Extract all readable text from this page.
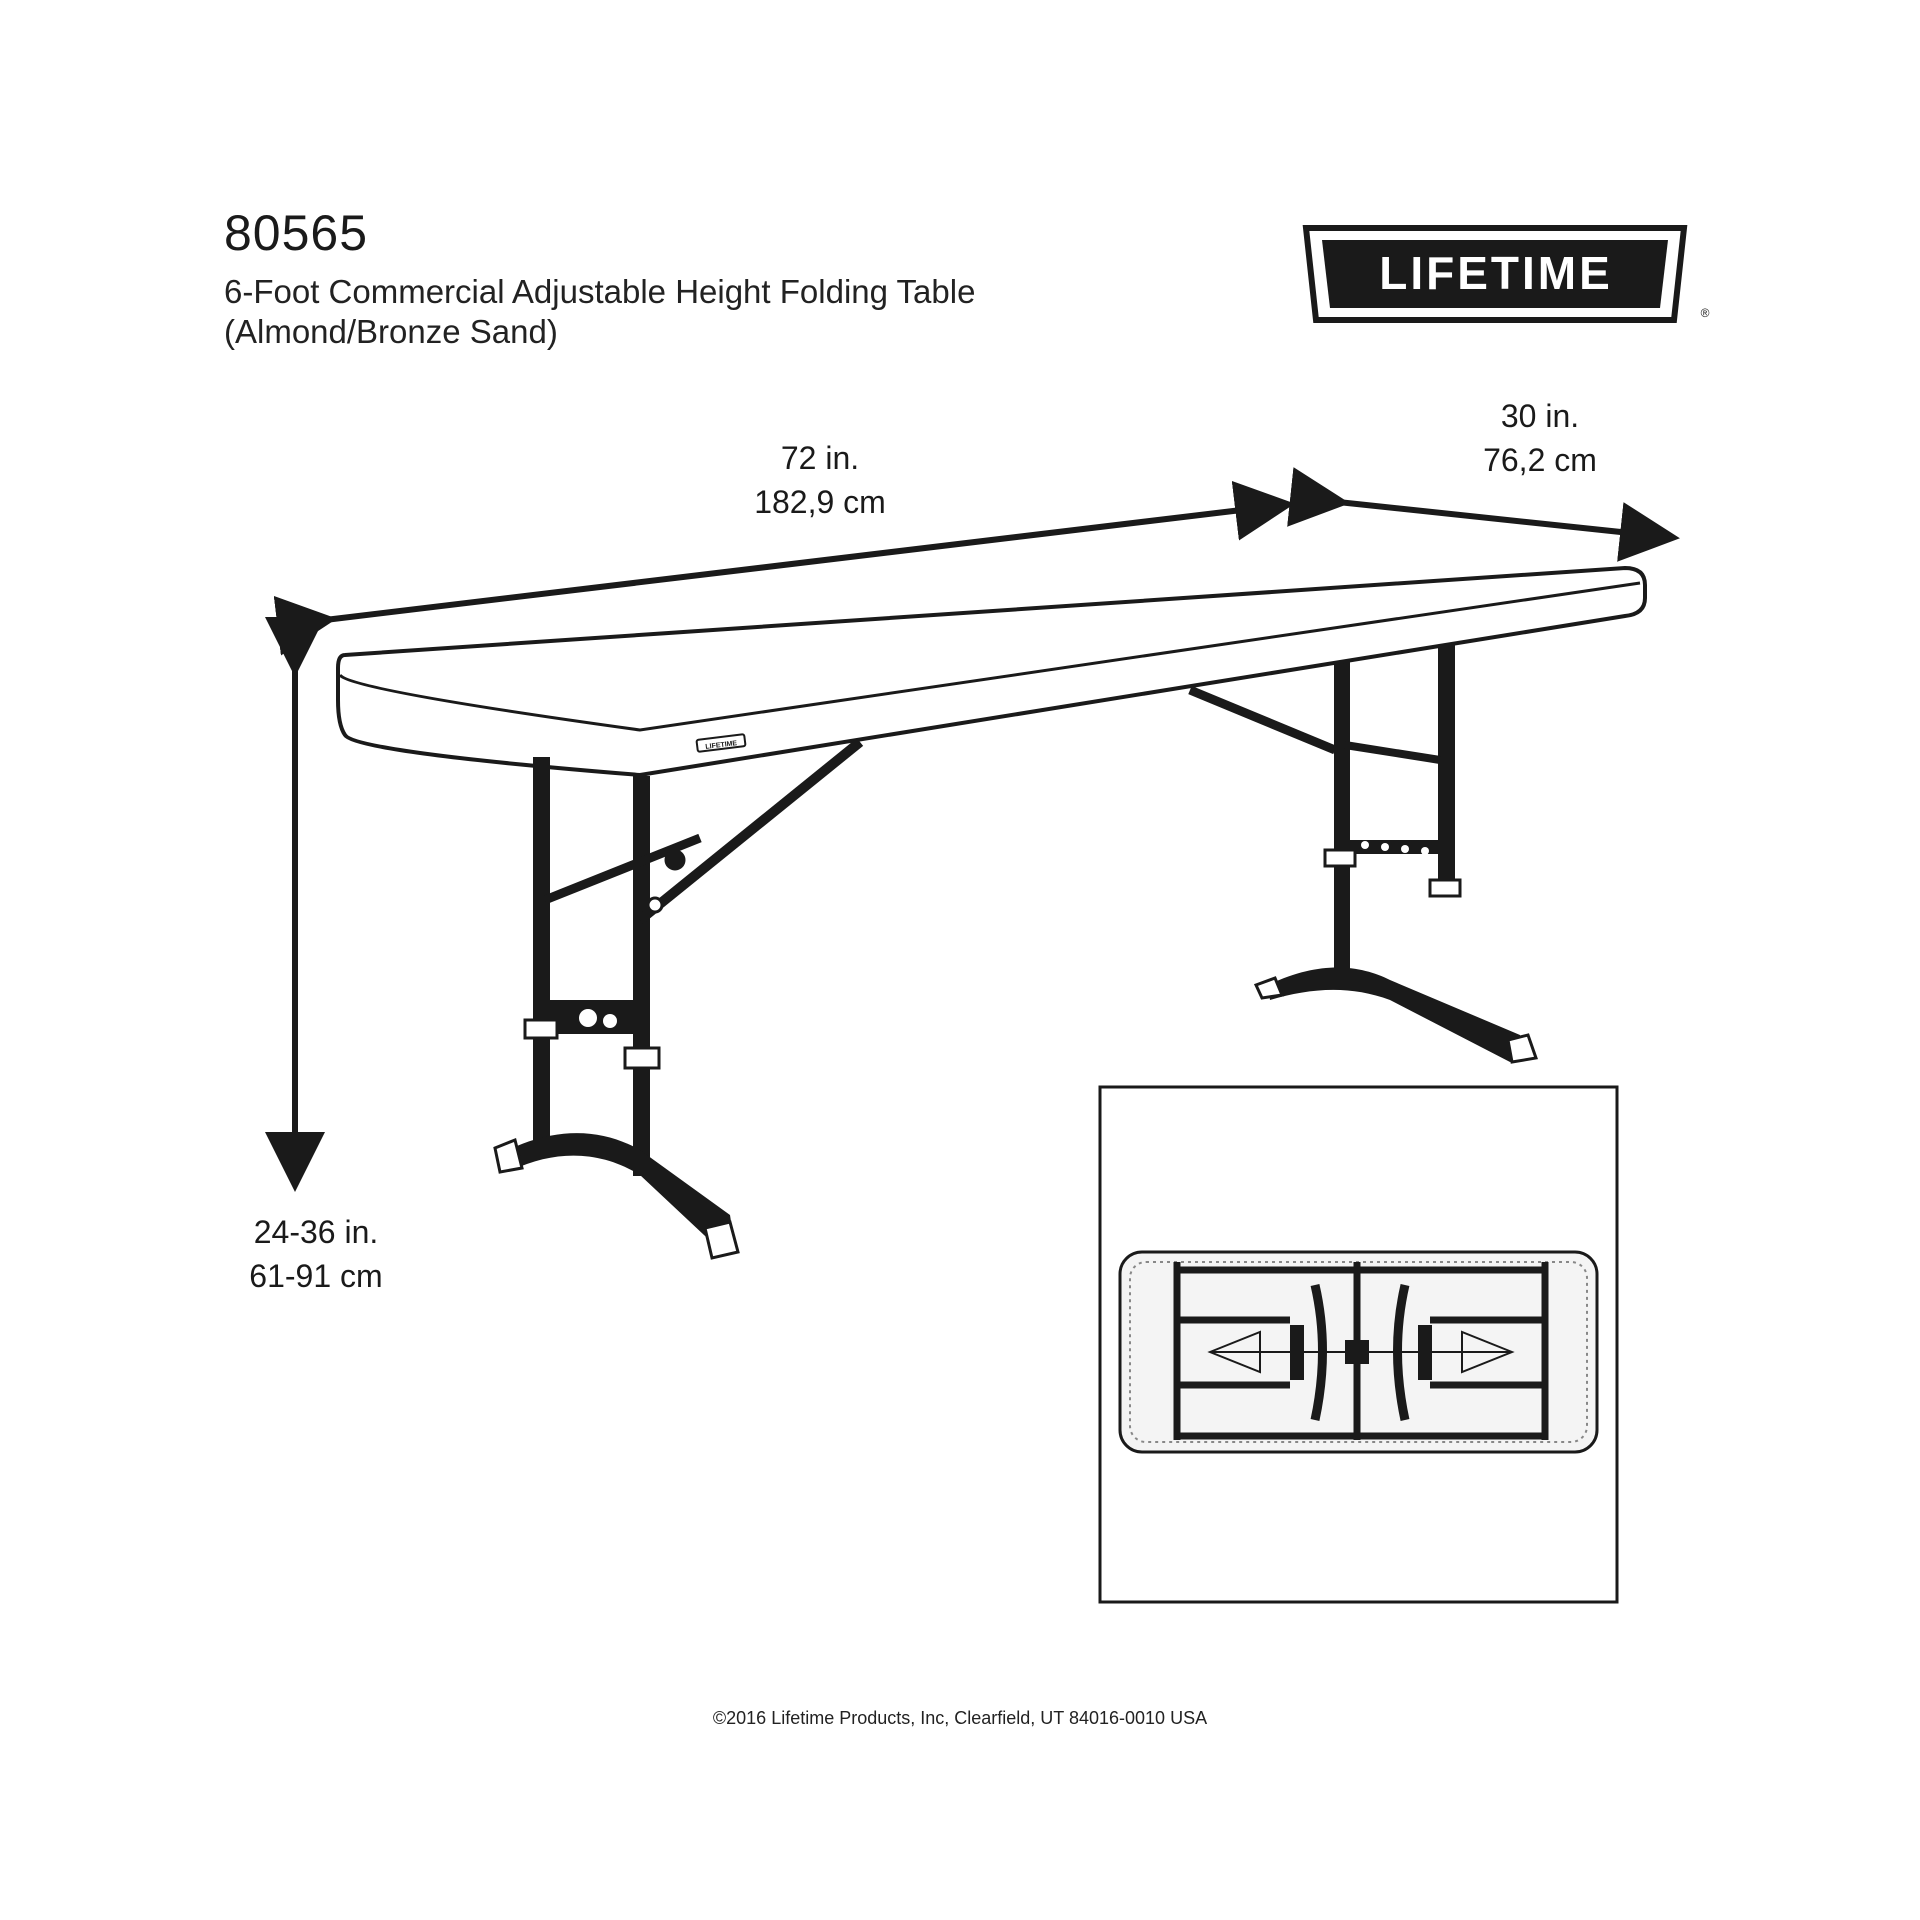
80565
6-Foot Commercial Adjustable Height Folding Table
(Almond/Bronze Sand)
LIFETIME
®
72 in.
182,9 cm
30 in.
76,2 cm
24-36 in.
61-91 cm
LIFETIME
©2016 Lifetime Products, Inc, Clearfield, UT 84016-0010 USA
